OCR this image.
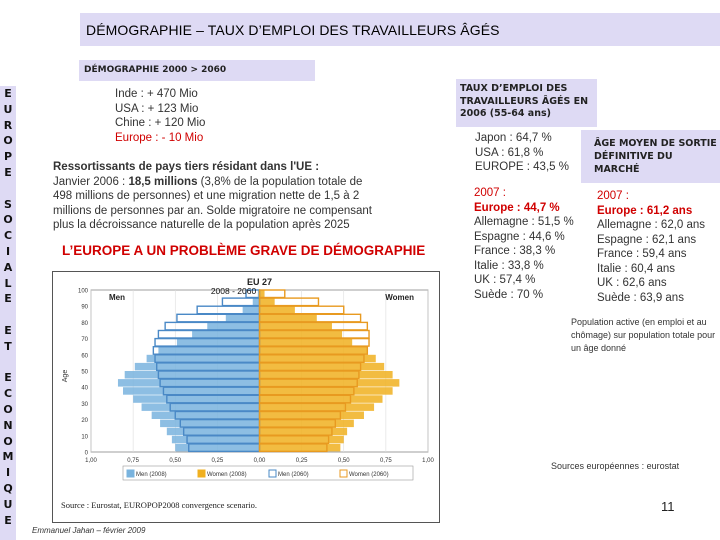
DÉMOGRAPHIE – TAUX D’EMPLOI DES TRAVAILLEURS ÂGÉS
E
U
R
O
P
E

S
O
C
I
A
L
E

E
T

E
C
O
N
O
M
I
Q
U
E
DÉMOGRAPHIE 2000 > 2060
Inde : + 470 Mio
USA : + 123 Mio
Chine : + 120 Mio
Europe : - 10 Mio
Ressortissants de pays tiers résidant dans l'UE :
Janvier 2006 : 18,5 millions (3,8% de la population totale de 498 millions de personnes) et une migration nette de 1,5 à 2 millions de personnes par an. Solde migratoire ne compensant plus la décroissance naturelle de la population après 2025
L’EUROPE A UN PROBLÈME GRAVE DE DÉMOGRAPHIE
EU 27
Men	Women
2008 - 2060
Age
0
10
20
30
40
50
60
70
80
90
100
1,00	0,75	0,50	0,25	0,00	0,25	0,50	0,75	1,00
Men (2008)	Women (2008)	Men (2060)	Women (2060)
Source : Eurostat, EUROPOP2008 convergence scenario.
TAUX D’EMPLOI DES TRAVAILLEURS ÂGÉS EN 2006 (55-64 ans)
Japon : 64,7 %
USA : 61,8 %
EUROPE : 43,5 %
ÂGE MOYEN DE SORTIE DÉFINITIVE DU MARCHÉ
2007 :
Europe : 44,7 %
Allemagne : 51,5 %
Espagne : 44,6 %
France : 38,3 %
Italie : 33,8 %
UK : 57,4 %
Suède : 70 %
2007 :
Europe : 61,2 ans
Allemagne : 62,0 ans
Espagne : 62,1 ans
France : 59,4 ans
Italie : 60,4 ans
UK : 62,6 ans
Suède : 63,9 ans
Population active (en emploi et au chômage) sur population totale pour un âge donné
Sources européennes : eurostat
11
Emmanuel Jahan – février 2009
